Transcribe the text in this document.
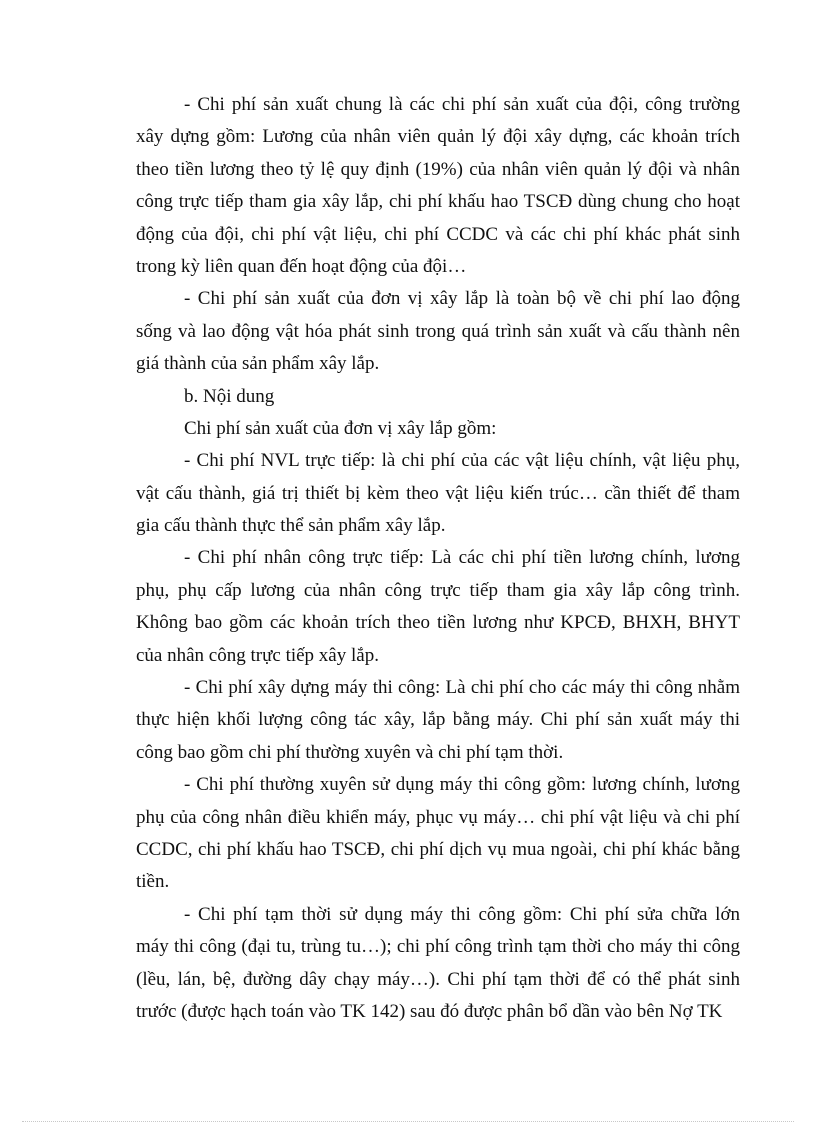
- Chi phí sản xuất chung là các chi phí sản xuất của đội, công trường
xây dựng gồm: Lương của nhân viên quản lý đội xây dựng, các khoản trích
theo tiền lương theo tỷ lệ quy định (19%) của nhân viên quản lý đội và nhân
công trực tiếp tham gia xây lắp, chi phí khấu hao TSCĐ dùng chung cho hoạt
động của đội, chi phí vật liệu, chi phí CCDC và các chi phí khác phát sinh
trong kỳ liên quan đến hoạt động của đội…
- Chi phí sản xuất của đơn vị xây lắp là toàn bộ về chi phí lao động
sống và lao động vật hóa phát sinh trong quá trình sản xuất và cấu thành nên
giá thành của sản phẩm xây lắp.
b. Nội dung
Chi phí sản xuất của đơn vị xây lắp gồm:
- Chi phí NVL trực tiếp: là chi phí của các vật liệu chính, vật liệu phụ,
vật cấu thành, giá trị thiết bị kèm theo vật liệu kiến trúc… cần thiết để tham
gia cấu thành thực thể sản phẩm xây lắp.
- Chi phí nhân công trực tiếp: Là các chi phí tiền lương chính, lương
phụ, phụ cấp lương của nhân công trực tiếp tham gia xây lắp công trình.
Không bao gồm các khoản trích theo tiền lương như KPCĐ, BHXH, BHYT
của nhân công trực tiếp xây lắp.
- Chi phí xây dựng máy thi công: Là chi phí cho các máy thi công nhằm
thực hiện khối lượng công tác xây, lắp bằng máy. Chi phí sản xuất máy thi
công bao gồm chi phí thường xuyên và chi phí tạm thời.
- Chi phí thường xuyên sử dụng máy thi công gồm: lương chính, lương
phụ của công nhân điều khiển máy, phục vụ máy… chi phí vật liệu và chi phí
CCDC, chi phí khấu hao TSCĐ, chi phí dịch vụ mua ngoài, chi phí khác bằng
tiền.
- Chi phí tạm thời sử dụng máy thi công gồm: Chi phí sửa chữa lớn
máy thi công (đại tu, trùng tu…); chi phí công trình tạm thời cho máy thi công
(lều, lán, bệ, đường dây chạy máy…). Chi phí tạm thời để có thể phát sinh
trước (được hạch toán vào TK 142) sau đó được phân bổ dần vào bên Nợ TK
